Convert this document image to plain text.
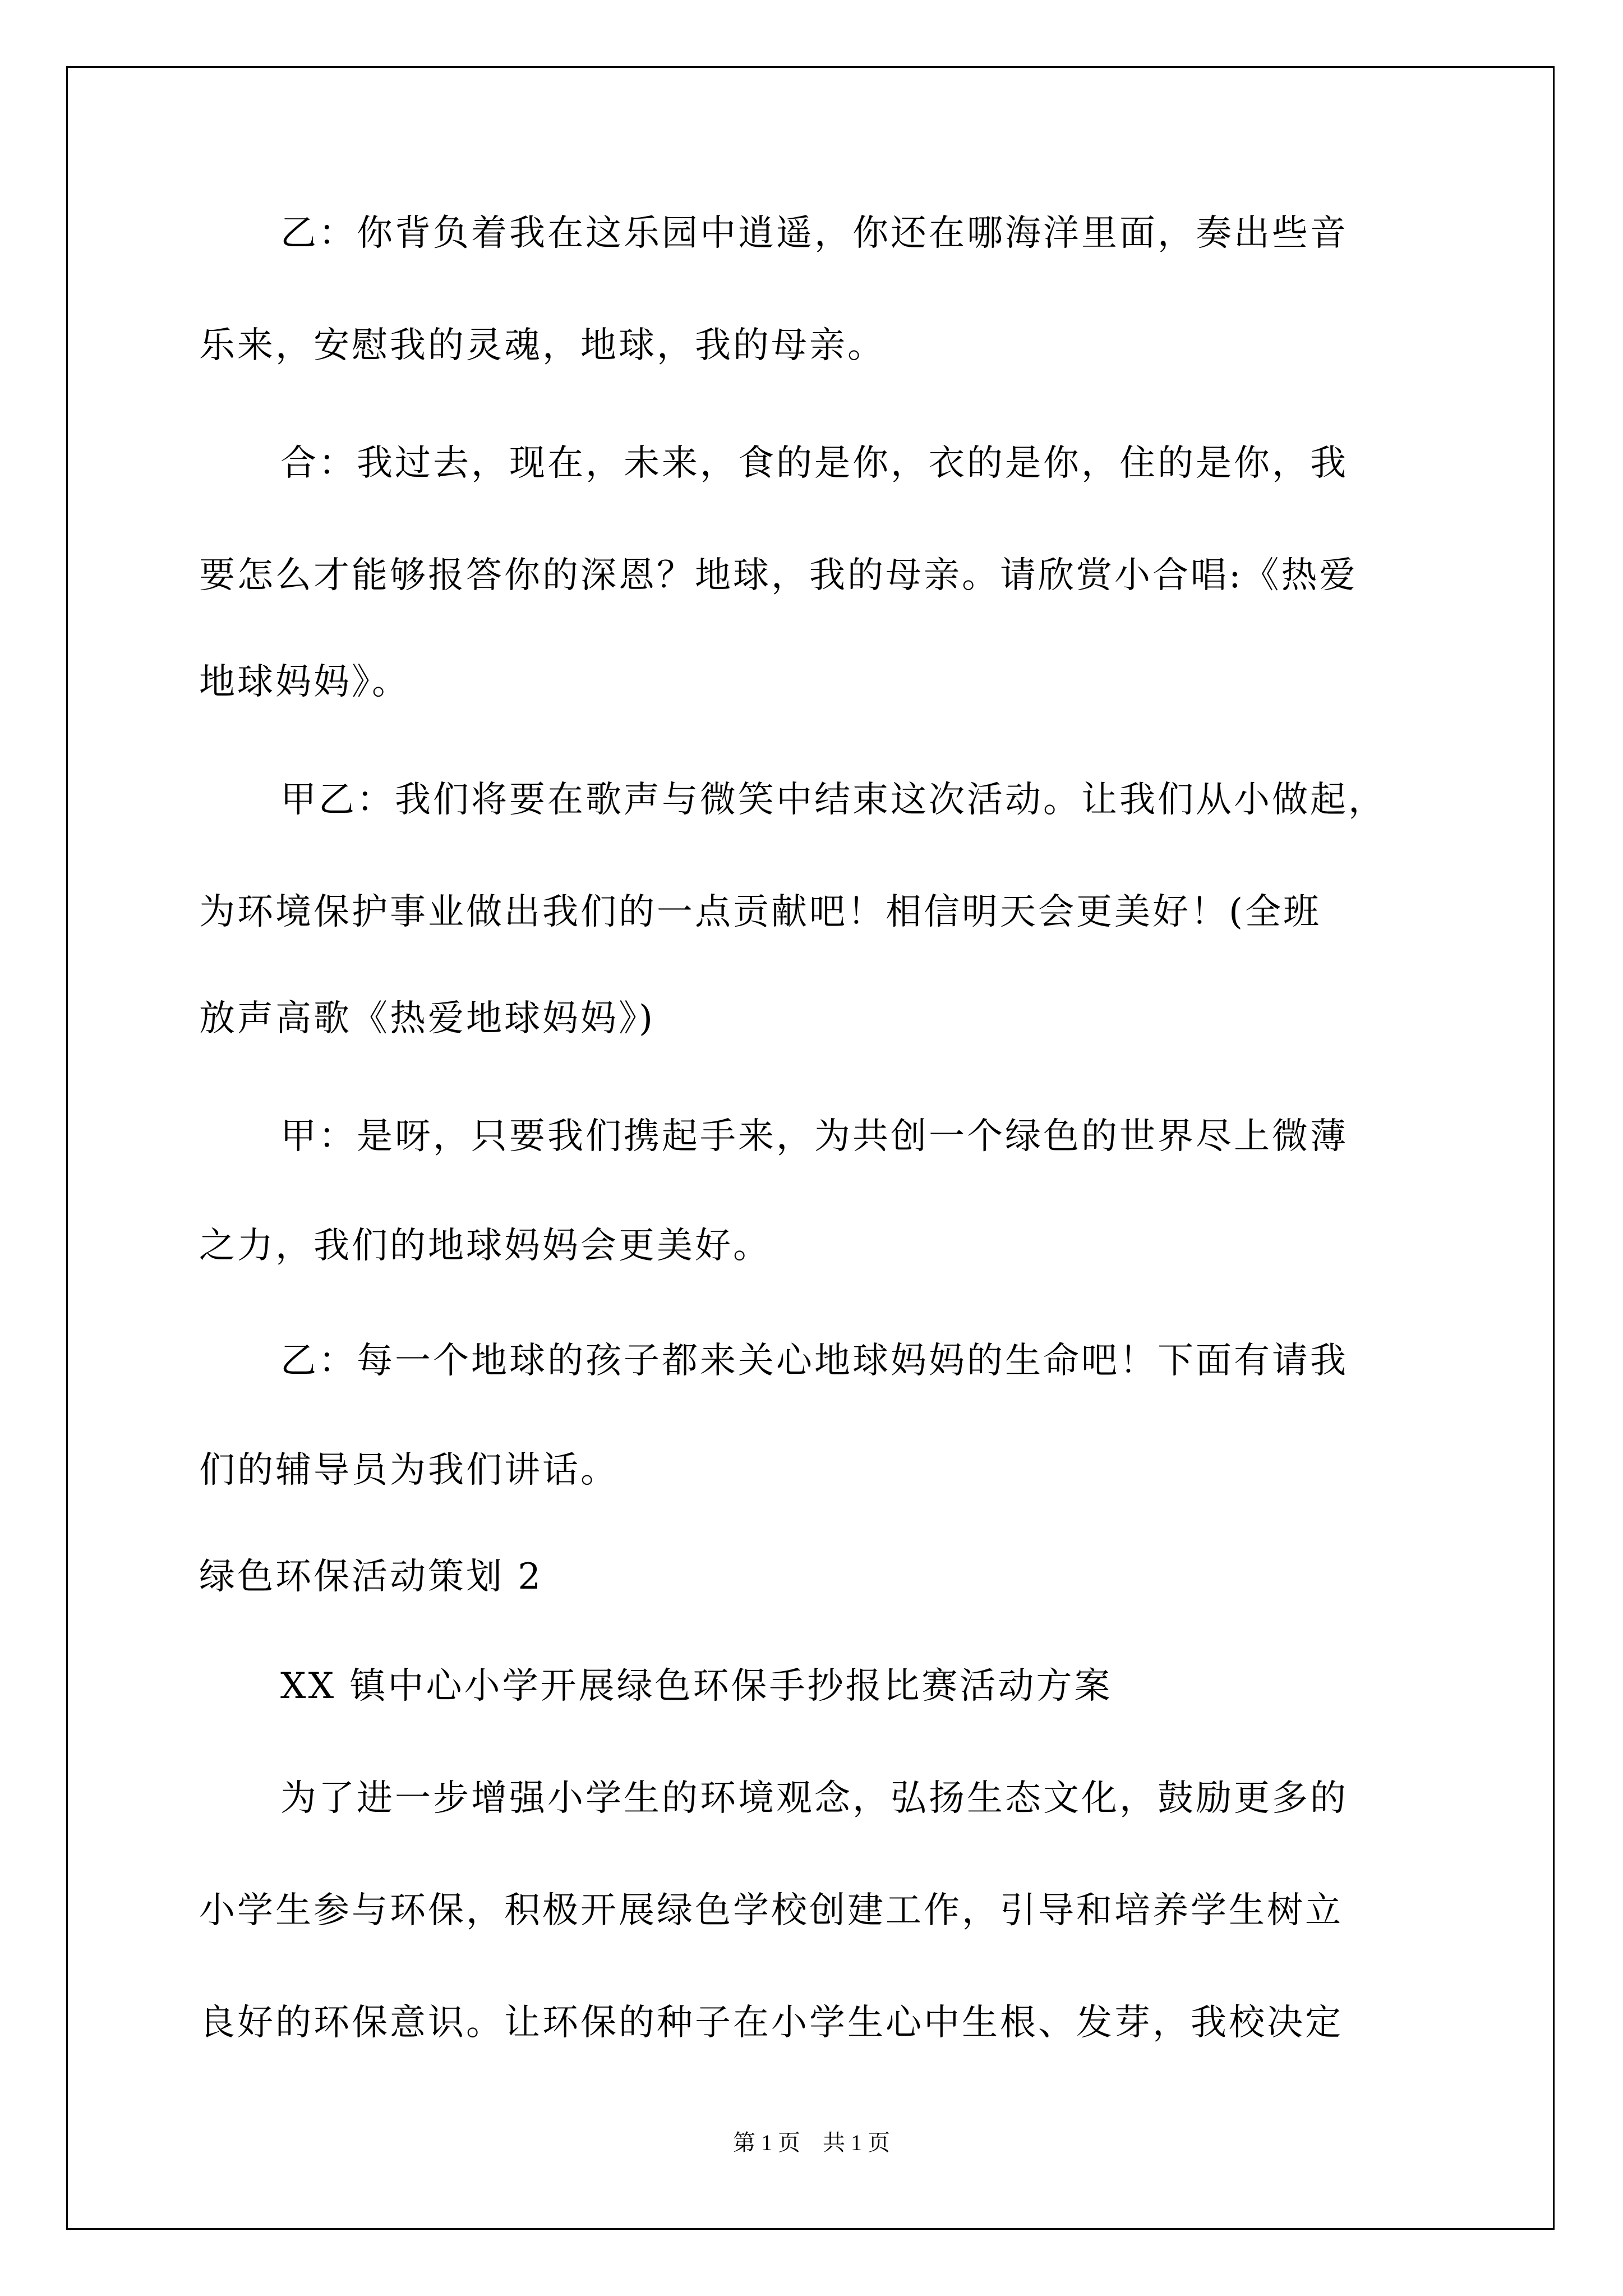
乙：你背负着我在这乐园中逍遥，你还在哪海洋里面，奏出些音
乐来，安慰我的灵魂，地球，我的母亲。
合：我过去，现在，未来，食的是你，衣的是你，住的是你，我
要怎么才能够报答你的深恩？地球，我的母亲。请欣赏小合唱:《热爱
地球妈妈》。
甲乙：我们将要在歌声与微笑中结束这次活动。让我们从小做起，
为环境保护事业做出我们的一点贡献吧！相信明天会更美好！(全班
放声高歌《热爱地球妈妈》)
甲：是呀，只要我们携起手来，为共创一个绿色的世界尽上微薄
之力，我们的地球妈妈会更美好。
乙：每一个地球的孩子都来关心地球妈妈的生命吧！下面有请我
们的辅导员为我们讲话。
绿色环保活动策划 2
XX 镇中心小学开展绿色环保手抄报比赛活动方案
为了进一步增强小学生的环境观念，弘扬生态文化，鼓励更多的
小学生参与环保，积极开展绿色学校创建工作，引导和培养学生树立
良好的环保意识。让环保的种子在小学生心中生根、发芽，我校决定
第 1 页　共 1 页
